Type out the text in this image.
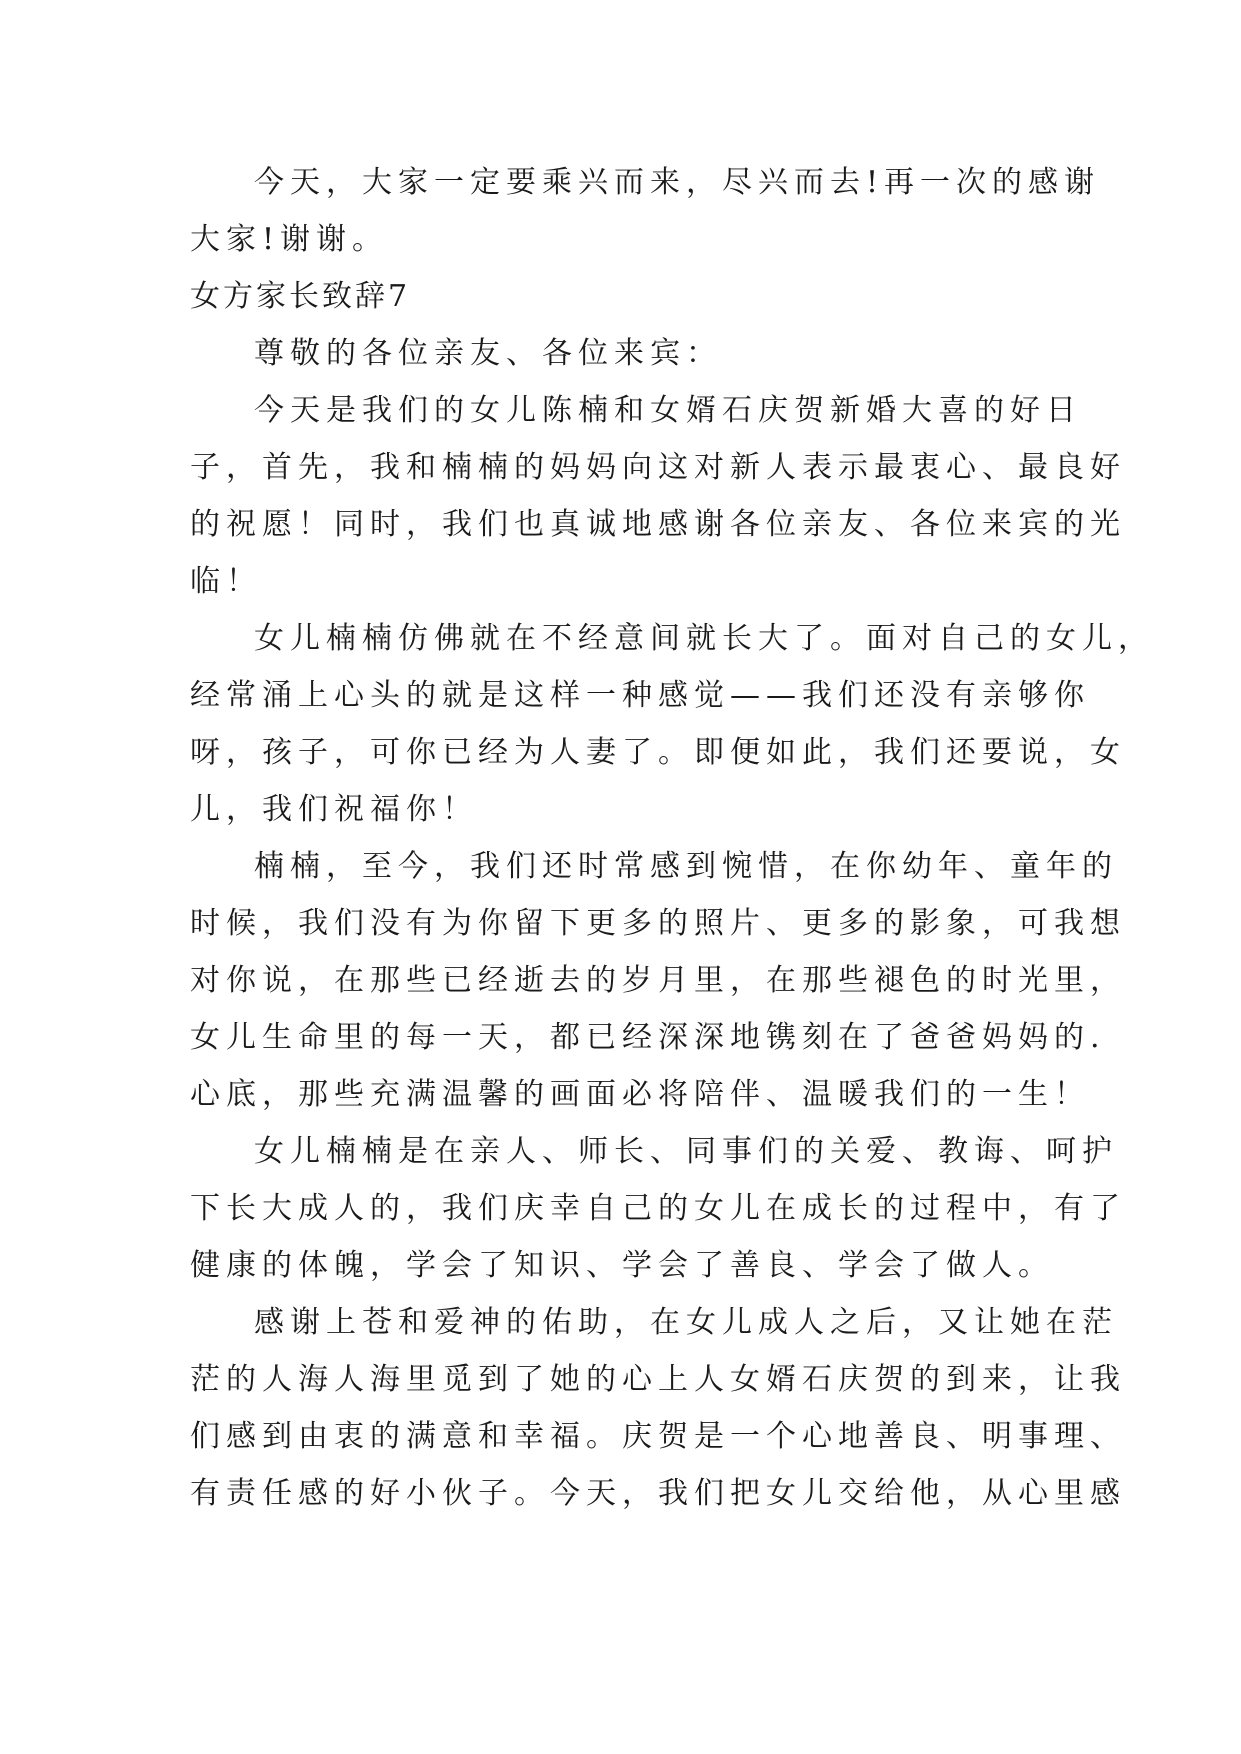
今天，大家一定要乘兴而来，尽兴而去!再一次的感谢
大家!谢谢。
女方家长致辞7
尊敬的各位亲友、各位来宾：
今天是我们的女儿陈楠和女婿石庆贺新婚大喜的好日
子，首先，我和楠楠的妈妈向这对新人表示最衷心、最良好
的祝愿！同时，我们也真诚地感谢各位亲友、各位来宾的光
临！
女儿楠楠仿佛就在不经意间就长大了。面对自己的女儿，
经常涌上心头的就是这样一种感觉——我们还没有亲够你
呀，孩子，可你已经为人妻了。即便如此，我们还要说，女
儿，我们祝福你！
楠楠，至今，我们还时常感到惋惜，在你幼年、童年的
时候，我们没有为你留下更多的照片、更多的影象，可我想
对你说，在那些已经逝去的岁月里，在那些褪色的时光里，
女儿生命里的每一天，都已经深深地镌刻在了爸爸妈妈的.
心底，那些充满温馨的画面必将陪伴、温暖我们的一生！
女儿楠楠是在亲人、师长、同事们的关爱、教诲、呵护
下长大成人的，我们庆幸自己的女儿在成长的过程中，有了
健康的体魄，学会了知识、学会了善良、学会了做人。
感谢上苍和爱神的佑助，在女儿成人之后，又让她在茫
茫的人海人海里觅到了她的心上人女婿石庆贺的到来，让我
们感到由衷的满意和幸福。庆贺是一个心地善良、明事理、
有责任感的好小伙子。今天，我们把女儿交给他，从心里感
